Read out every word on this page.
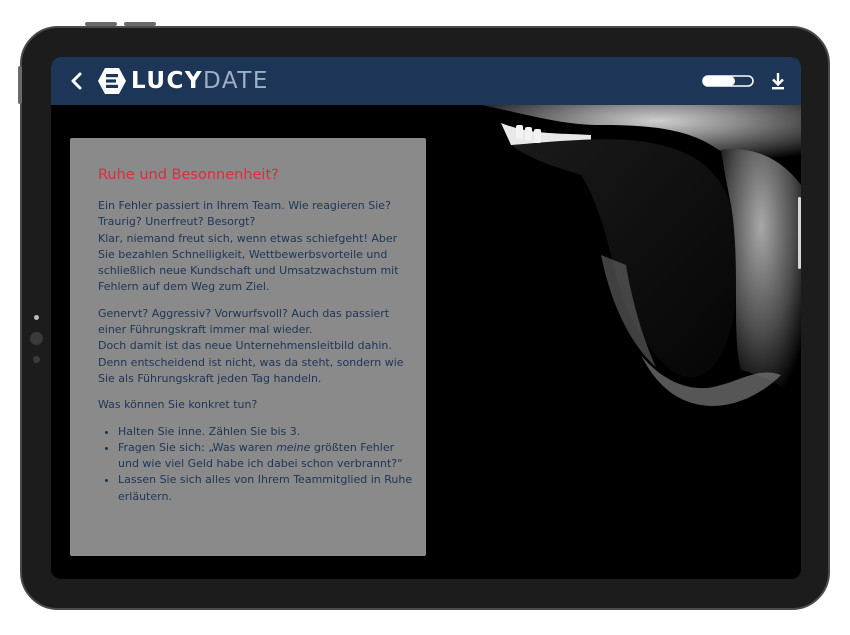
LUCY DATE
Ruhe und Besonnenheit?

Ein Fehler passiert in Ihrem Team. Wie reagieren Sie?
Traurig? Unerfreut? Besorgt?
Klar, niemand freut sich, wenn etwas schiefgeht! Aber Sie bezahlen Schnelligkeit, Wettbewerbsvorteile und schließlich neue Kundschaft und Umsatzwachstum mit Fehlern auf dem Weg zum Ziel.

Genervt? Aggressiv? Vorwurfsvoll? Auch das passiert einer Führungskraft immer mal wieder.
Doch damit ist das neue Unternehmensleitbild dahin. Denn entscheidend ist nicht, was da steht, sondern wie Sie als Führungskraft jeden Tag handeln.

Was können Sie konkret tun?

• Halten Sie inne. Zählen Sie bis 3.
• Fragen Sie sich: „Was waren meine größten Fehler und wie viel Geld habe ich dabei schon verbrannt?“
• Lassen Sie sich alles von Ihrem Teammitglied in Ruhe erläutern.
